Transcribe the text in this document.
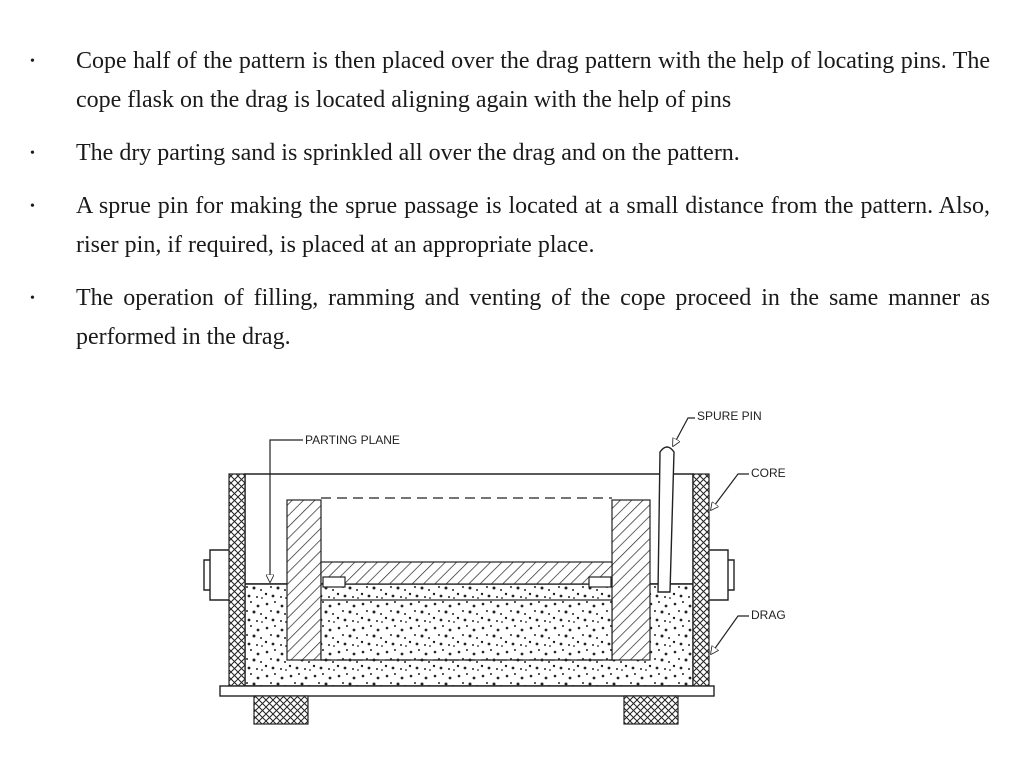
•	Cope half of the pattern is then placed over the drag pattern with the help of locating pins. The cope flask on the drag is located aligning again with the help of pins
•	The dry parting sand is sprinkled all over the drag and on the pattern.
•	A sprue pin for making the sprue passage is located at a small distance from the pattern. Also, riser pin, if required, is placed at an appropriate place.
•	The operation of filling, ramming and venting of the cope proceed in the same manner as performed in the drag.
PARTING PLANE
SPURE PIN
CORE
DRAG
